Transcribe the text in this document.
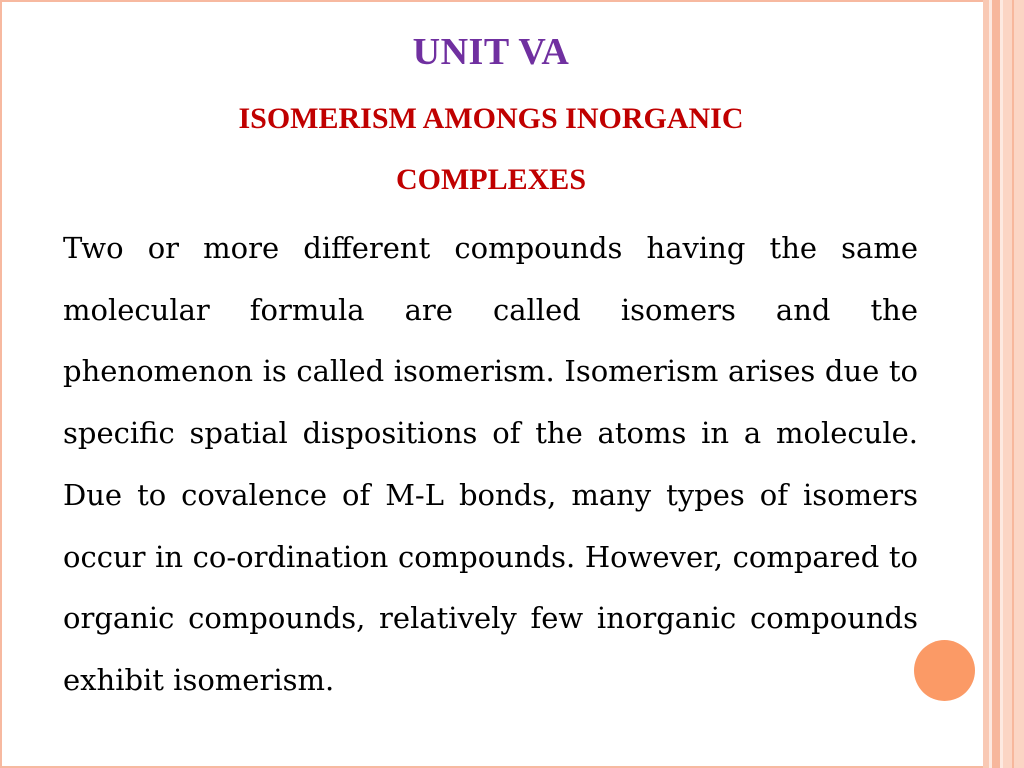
UNIT VA
ISOMERISM AMONGS INORGANIC
COMPLEXES

Two or more different compounds having the same molecular formula are called isomers and the phenomenon is called isomerism. Isomerism arises due to specific spatial dispositions of the atoms in a molecule. Due to covalence of M-L bonds, many types of isomers occur in co-ordination compounds. However, compared to organic compounds, relatively few inorganic compounds exhibit isomerism.
